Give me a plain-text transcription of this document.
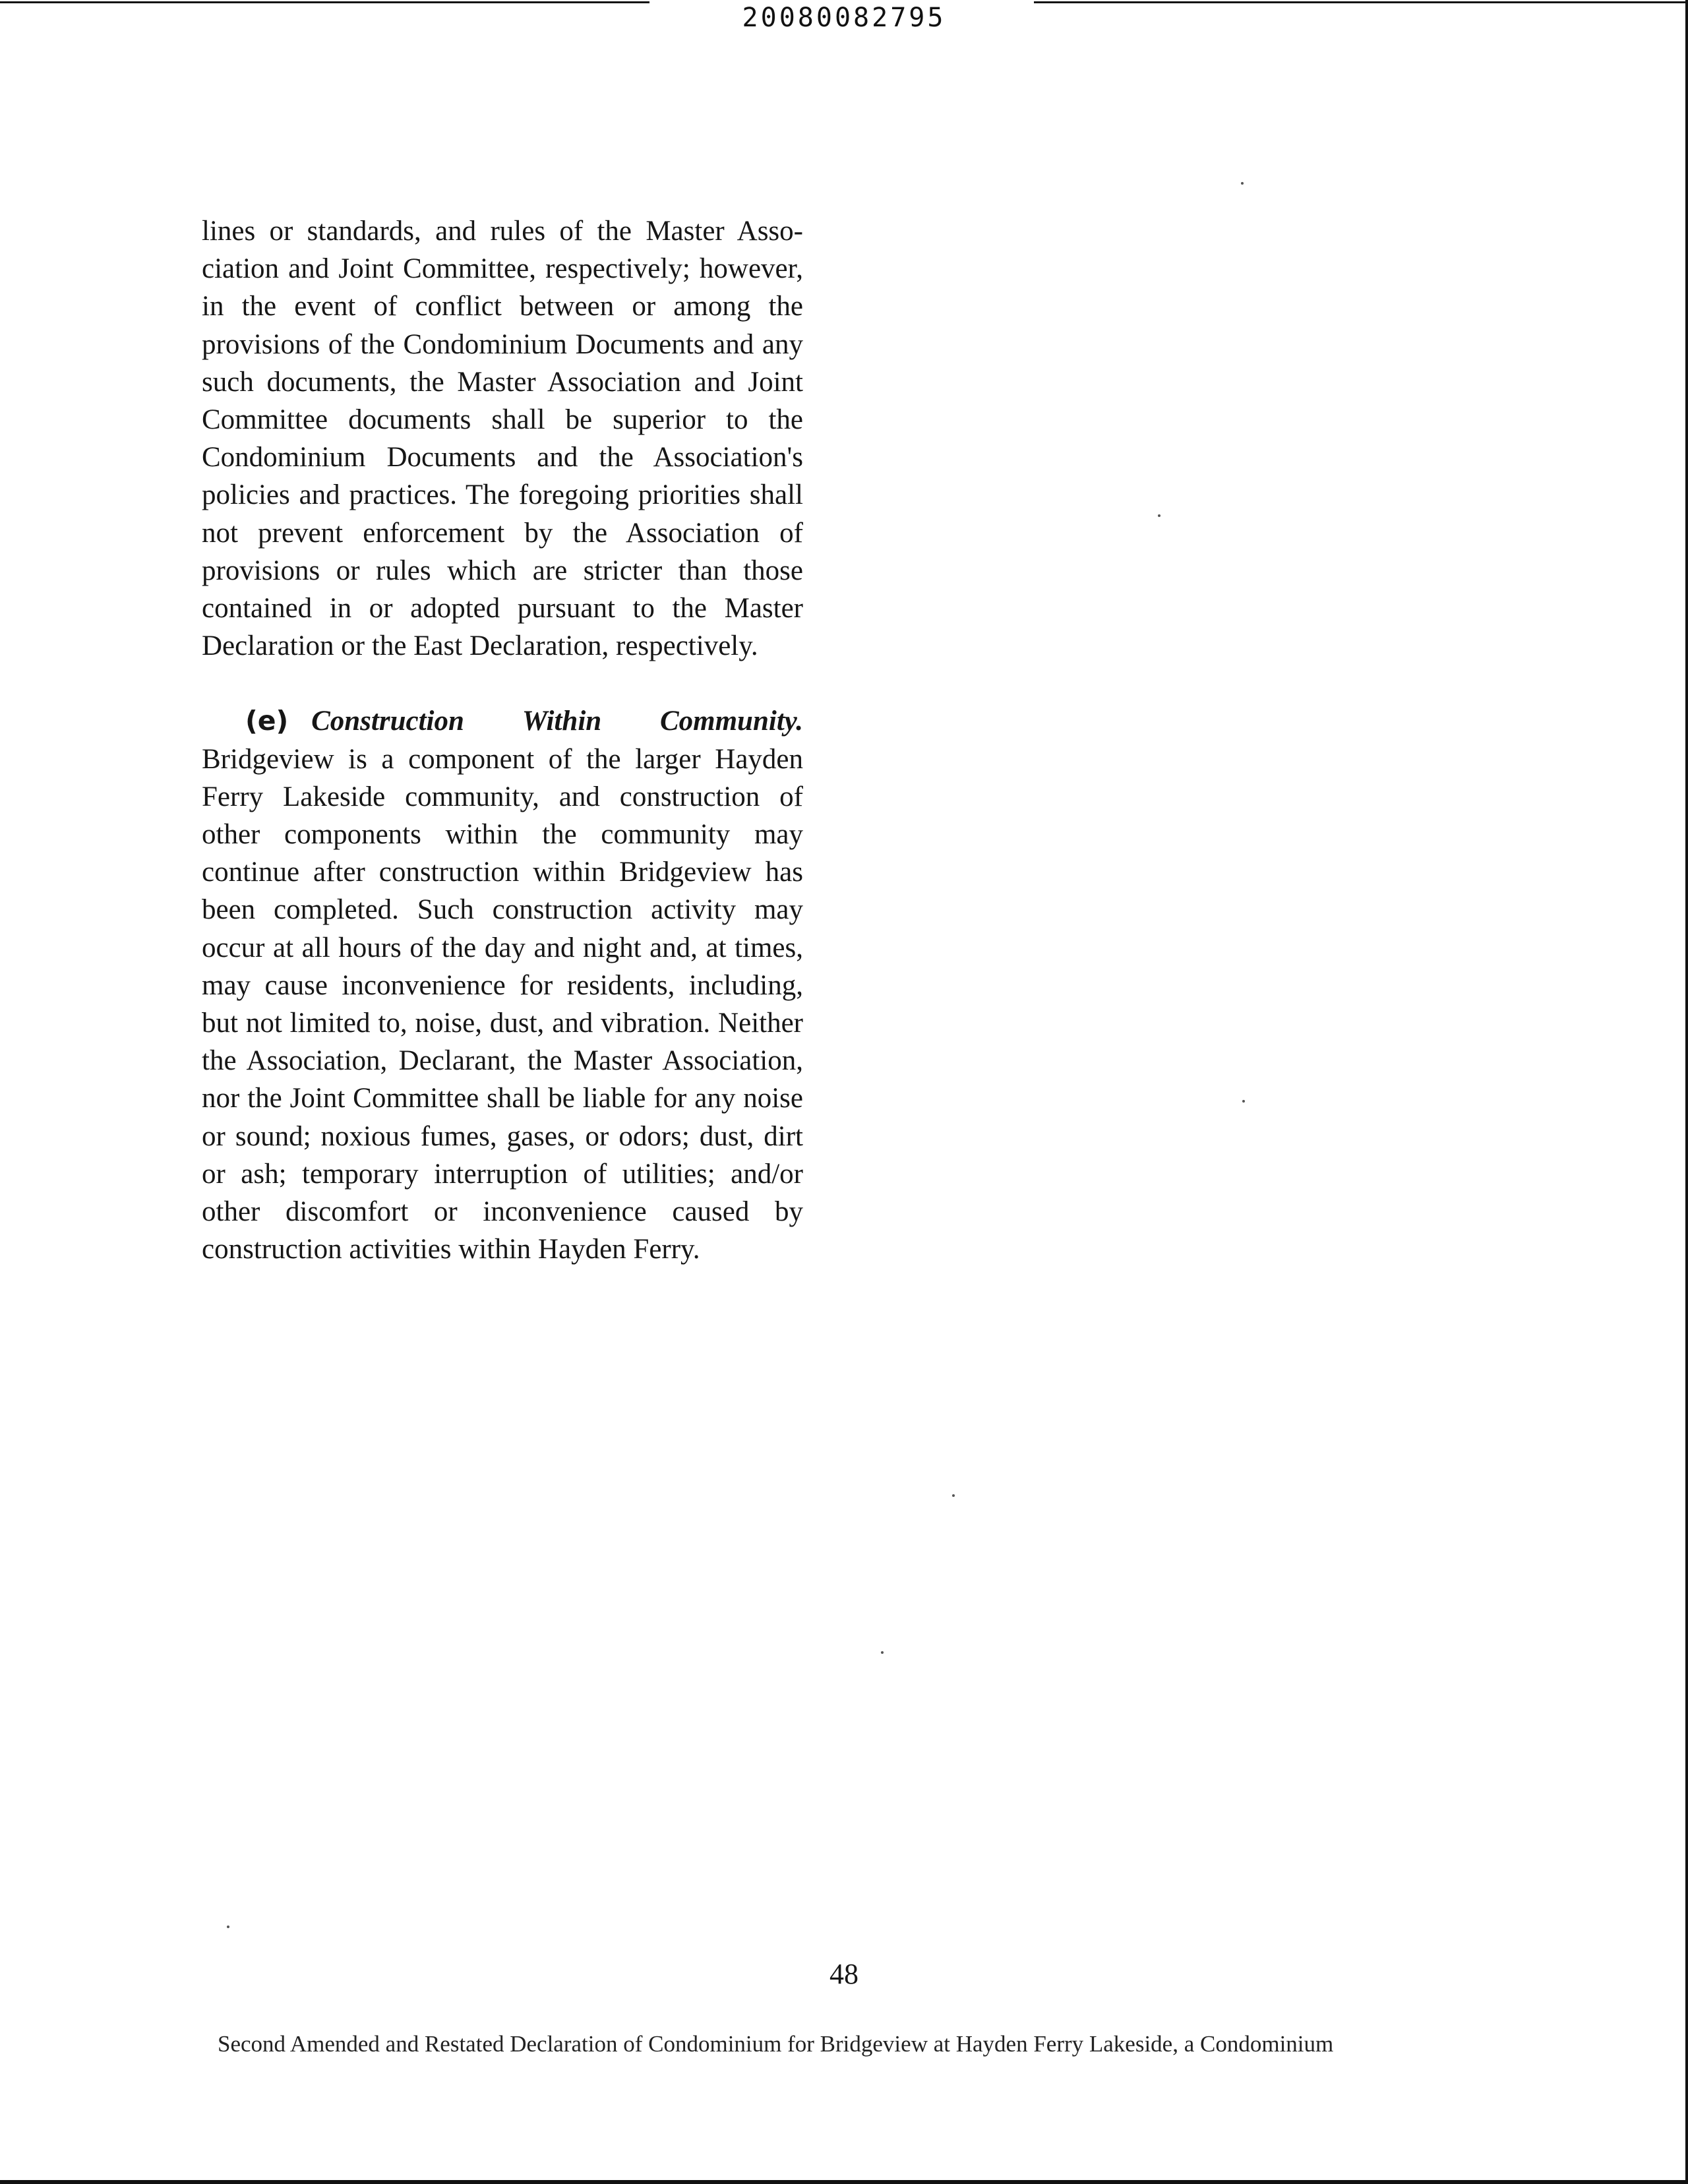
20080082795

lines or standards, and rules of the Master Association and Joint Committee, respectively; however, in the event of conflict between or among the provisions of the Condominium Documents and any such documents, the Master Association and Joint Committee documents shall be superior to the Condominium Documents and the Association's policies and practices. The foregoing priorities shall not prevent enforcement by the Association of provisions or rules which are stricter than those contained in or adopted pursuant to the Master Declaration or the East Declaration, respectively.

(e) Construction Within Community. Bridgeview is a component of the larger Hayden Ferry Lakeside community, and construction of other components within the community may continue after construction within Bridgeview has been completed. Such construction activity may occur at all hours of the day and night and, at times, may cause inconvenience for residents, including, but not limited to, noise, dust, and vibration. Neither the Association, Declarant, the Master Association, nor the Joint Committee shall be liable for any noise or sound; noxious fumes, gases, or odors; dust, dirt or ash; temporary interruption of utilities; and/or other discomfort or inconvenience caused by construction activities within Hayden Ferry.

48
Second Amended and Restated Declaration of Condominium for Bridgeview at Hayden Ferry Lakeside, a Condominium
